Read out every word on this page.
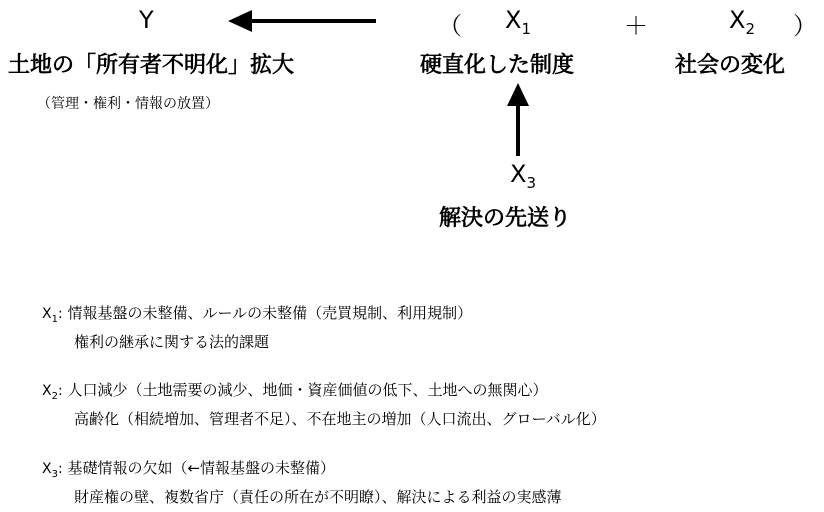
Y
土地の「所有者不明化」拡大
（管理・権利・情報の放置）
（ $X_1$	＋	$X_2$ ）
硬直化した制度	社会の変化
$X_3$
解決の先送り
$X_1$: 情報基盤の未整備、ルールの未整備（売買規制、利用規制）
権利の継承に関する法的課題
$X_2$: 人口減少（土地需要の減少、地価・資産価値の低下、土地への無関心）
高齢化（相続増加、管理者不足）、不在地主の増加（人口流出、グローバル化）
$X_3$: 基礎情報の欠如（←情報基盤の未整備）
財産権の壁、複数省庁（責任の所在が不明瞭）、解決による利益の実感薄
